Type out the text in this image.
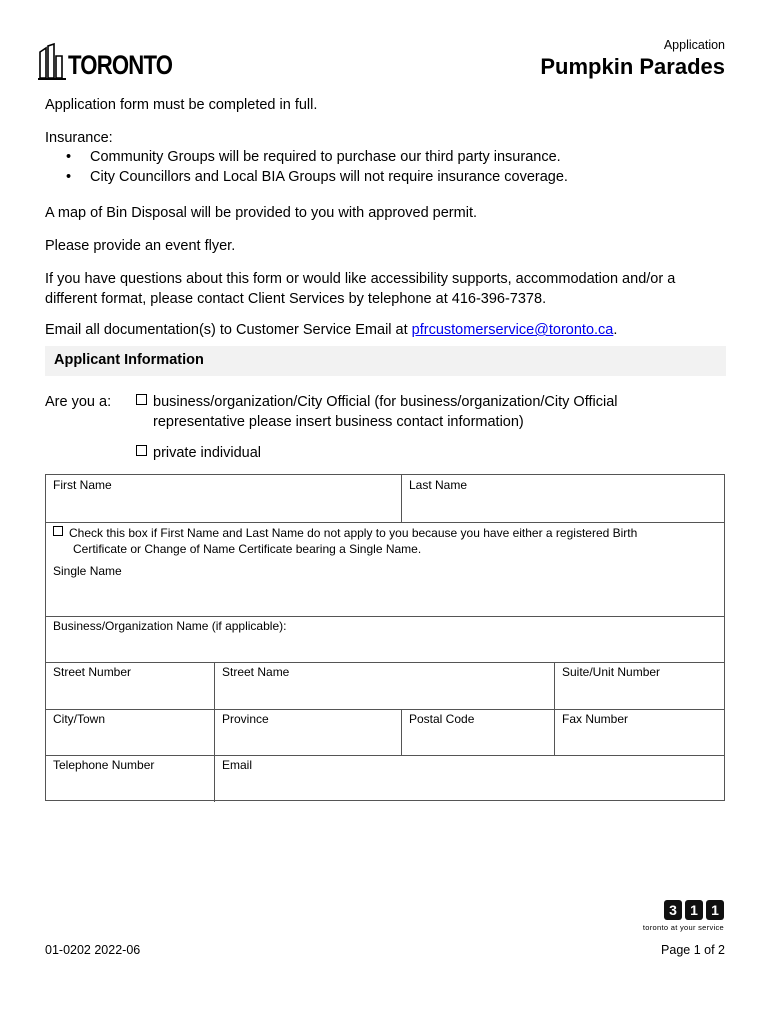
TORONTO
Application
Pumpkin Parades
Application form must be completed in full.
Insurance:
• Community Groups will be required to purchase our third party insurance.
• City Councillors and Local BIA Groups will not require insurance coverage.
A map of Bin Disposal will be provided to you with approved permit.
Please provide an event flyer.
If you have questions about this form or would like accessibility supports, accommodation and/or a
different format, please contact Client Services by telephone at 416-396-7378.
Email all documentation(s) to Customer Service Email at pfrcustomerservice@toronto.ca.
Applicant Information
Are you a:	business/organization/City Official (for business/organization/City Official
representative please insert business contact information)
private individual
First Name	Last Name
Check this box if First Name and Last Name do not apply to you because you have either a registered Birth
Certificate or Change of Name Certificate bearing a Single Name.
Single Name
Business/Organization Name (if applicable):
Street Number	Street Name	Suite/Unit Number
City/Town	Province	Postal Code	Fax Number
Telephone Number	Email
3 1 1
toronto at your service
01-0202 2022-06	Page 1 of 2
